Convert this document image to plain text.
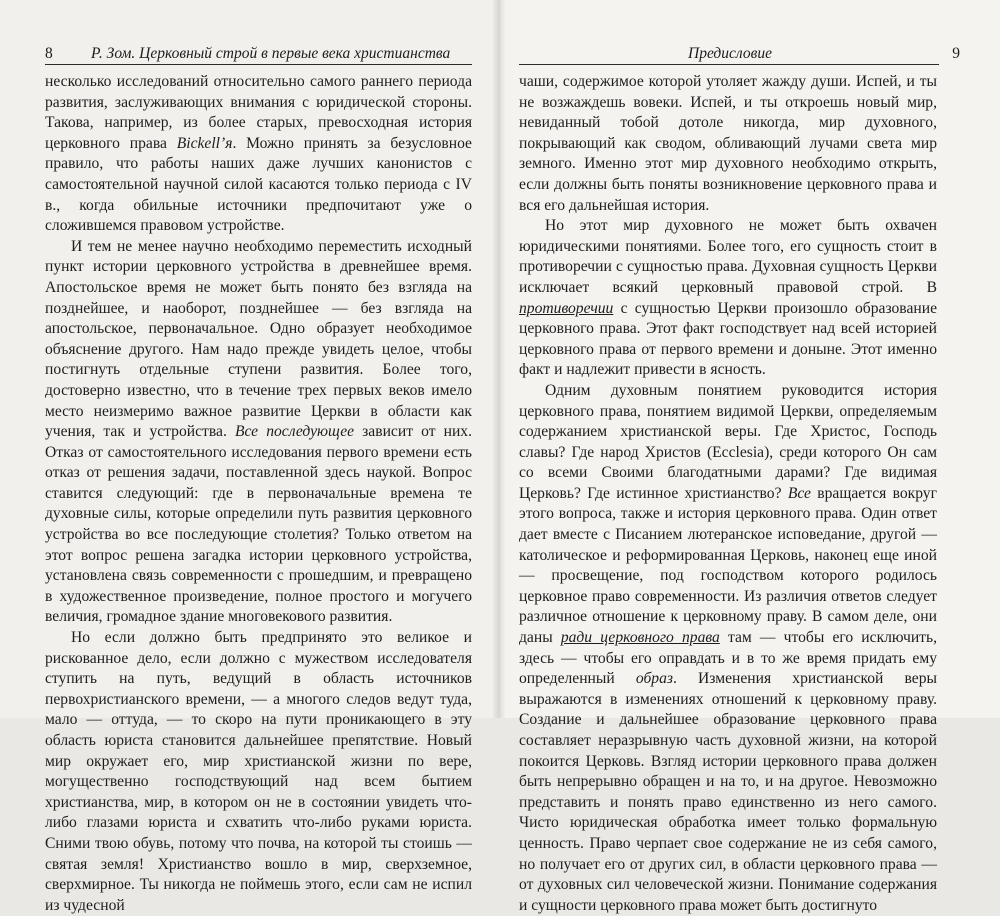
8 Р. Зом. Церковный строй в первые века христианства

несколько исследований относительно самого раннего периода развития, заслуживающих внимания с юридической стороны. Такова, например, из более старых, превосходная история церковного права Bickell’я. Можно принять за безусловное правило, что работы наших даже лучших канонистов с самостоятельной научной силой касаются только периода с IV в., когда обильные источники предпочитают уже о сложившемся правовом устройстве.

И тем не менее научно необходимо переместить исходный пункт истории церковного устройства в древнейшее время. Апостольское время не может быть понято без взгляда на позднейшее, и наоборот, позднейшее — без взгляда на апостольское, первоначальное. Одно образует необходимое объяснение другого. Нам надо прежде увидеть целое, чтобы постигнуть отдельные ступени развития. Более того, достоверно известно, что в течение трех первых веков имело место неизмеримо важное развитие Церкви в области как учения, так и устройства. Все последующее зависит от них. Отказ от самостоятельного исследования первого времени есть отказ от решения задачи, поставленной здесь наукой. Вопрос ставится следующий: где в первоначальные времена те духовные силы, которые определили путь развития церковного устройства во все последующие столетия? Только ответом на этот вопрос решена загадка истории церковного устройства, установлена связь современности с прошедшим, и превращено в художественное произведение, полное простого и могучего величия, громадное здание многовекового развития.

Но если должно быть предпринято это великое и рискованное дело, если должно с мужеством исследователя ступить на путь, ведущий в область источников первохристианского времени, — а многого следов ведут туда, мало — оттуда, — то скоро на пути проникающего в эту область юриста становится дальнейшее препятствие. Новый мир окружает его, мир христианской жизни по вере, могущественно господствующий над всем бытием христианства, мир, в котором он не в состоянии увидеть что-либо глазами юриста и схватить что-либо руками юриста. Сними твою обувь, потому что почва, на которой ты стоишь — святая земля! Христианство вошло в мир, сверхземное, сверхмирное. Ты никогда не поймешь этого, если сам не испил из чудесной

Предисловие	9

чаши, содержимое которой утоляет жажду души. Испей, и ты не возжаждешь вовеки. Испей, и ты откроешь новый мир, невиданный тобой дотоле никогда, мир духовного, покрывающий как сводом, обливающий лучами света мир земного. Именно этот мир духовного необходимо открыть, если должны быть поняты возникновение церковного права и вся его дальнейшая история.

Но этот мир духовного не может быть охвачен юридическими понятиями. Более того, его сущность стоит в противоречии с сущностью права. Духовная сущность Церкви исключает всякий церковный правовой строй. В противоречии с сущностью Церкви произошло образование церковного права. Этот факт господствует над всей историей церковного права от первого времени и доныне. Этот именно факт и надлежит привести в ясность.

Одним духовным понятием руководится история церковного права, понятием видимой Церкви, определяемым содержанием христианской веры. Где Христос, Господь славы? Где народ Христов (Ecclesia), среди которого Он сам со всеми Своими благодатными дарами? Где видимая Церковь? Где истинное христианство? Все вращается вокруг этого вопроса, также и история церковного права. Один ответ дает вместе с Писанием лютеранское исповедание, другой — католическое и реформированная Церковь, наконец еще иной — просвещение, под господством которого родилось церковное право современности. Из различия ответов следует различное отношение к церковному праву. В самом деле, они даны ради церковного права там — чтобы его исключить, здесь — чтобы его оправдать и в то же время придать ему определенный образ. Изменения христианской веры выражаются в изменениях отношений к церковному праву. Создание и дальнейшее образование церковного права составляет неразрывную часть духовной жизни, на которой покоится Церковь. Взгляд истории церковного права должен быть непрерывно обращен и на то, и на другое. Невозможно представить и понять право единственно из него самого. Чисто юридическая обработка имеет только формальную ценность. Право черпает свое содержание не из себя самого, но получает его от других сил, в области церковного права — от духовных сил человеческой жизни. Понимание содержания и сущности церковного права может быть достигнуто
